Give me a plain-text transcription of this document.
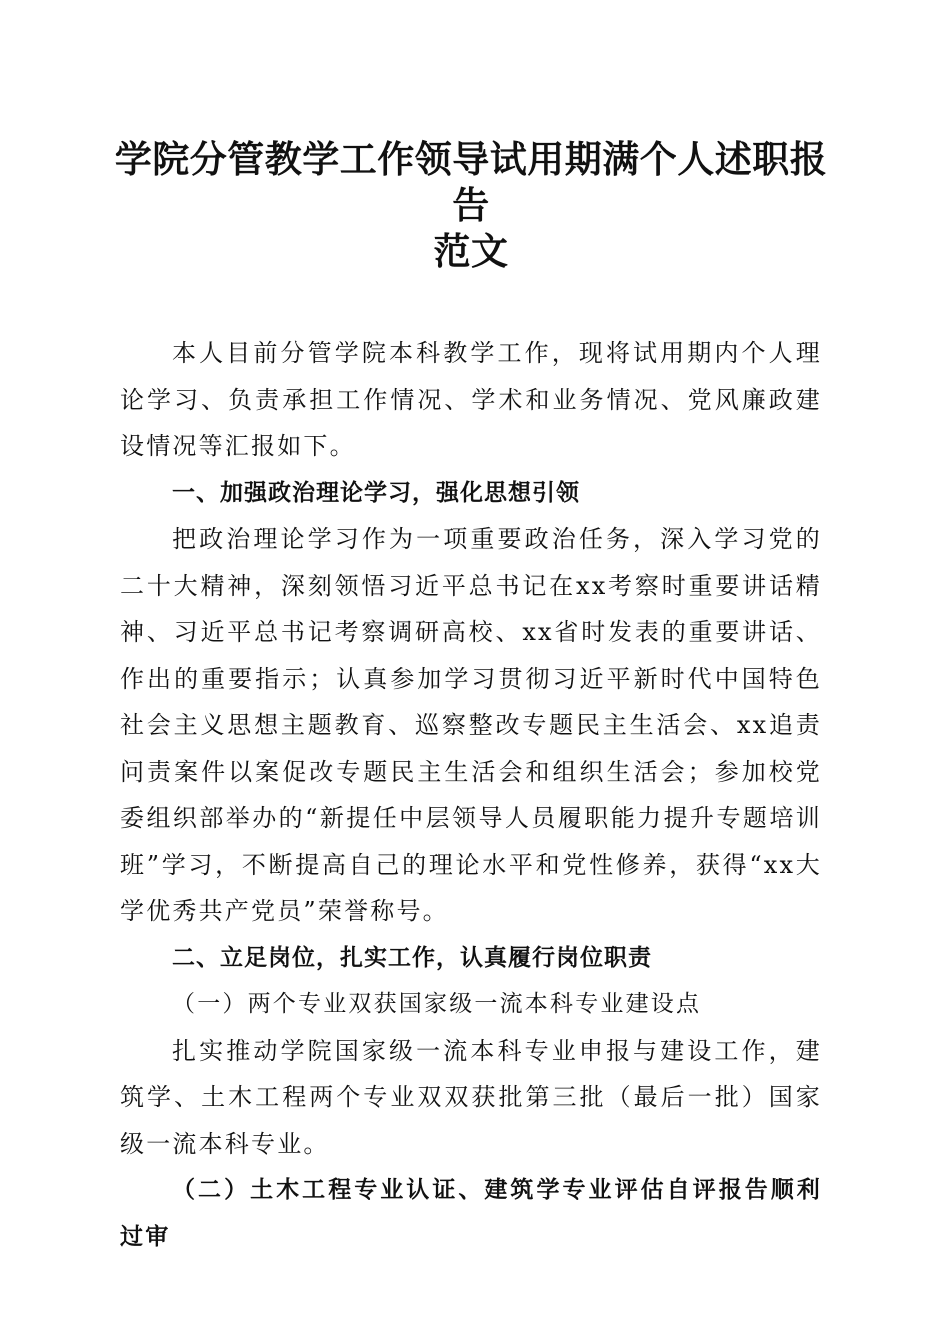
学院分管教学工作领导试用期满个人述职报告
范文

本人目前分管学院本科教学工作，现将试用期内个人理论学习、负责承担工作情况、学术和业务情况、党风廉政建设情况等汇报如下。

一、加强政治理论学习，强化思想引领

把政治理论学习作为一项重要政治任务，深入学习党的二十大精神，深刻领悟习近平总书记在xx考察时重要讲话精神、习近平总书记考察调研高校、xx省时发表的重要讲话、作出的重要指示；认真参加学习贯彻习近平新时代中国特色社会主义思想主题教育、巡察整改专题民主生活会、xx追责问责案件以案促改专题民主生活会和组织生活会；参加校党委组织部举办的“新提任中层领导人员履职能力提升专题培训班”学习，不断提高自己的理论水平和党性修养，获得“xx大学优秀共产党员”荣誉称号。

二、立足岗位，扎实工作，认真履行岗位职责
（一）两个专业双获国家级一流本科专业建设点

扎实推动学院国家级一流本科专业申报与建设工作，建筑学、土木工程两个专业双双获批第三批（最后一批）国家级一流本科专业。

（二）土木工程专业认证、建筑学专业评估自评报告顺利过审
